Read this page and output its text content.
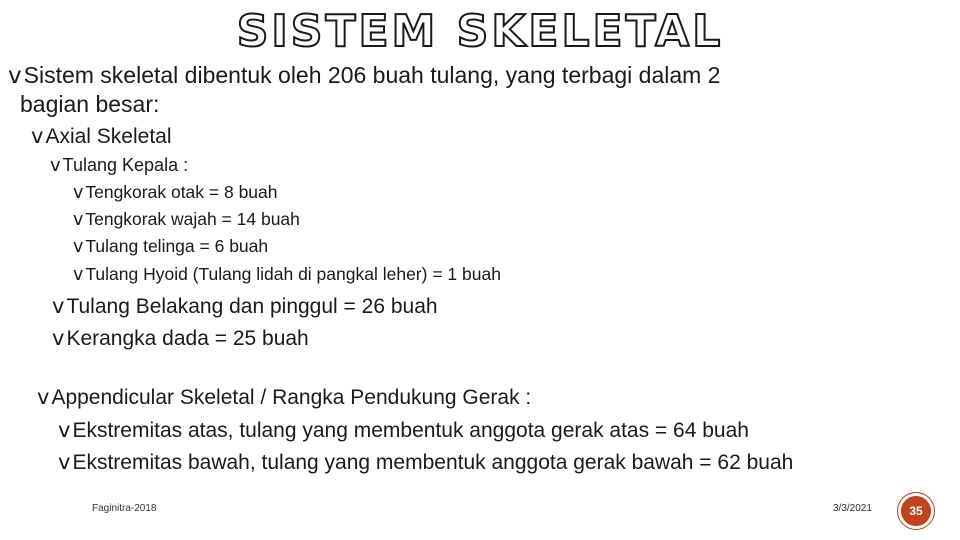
SISTEM SKELETAL
vSistem skeletal dibentuk oleh 206 buah tulang, yang terbagi dalam 2
bagian besar:
vAxial Skeletal
v Tulang Kepala :
v Tengkorak otak = 8 buah
v Tengkorak wajah = 14 buah
v Tulang telinga = 6 buah
v Tulang Hyoid (Tulang lidah di pangkal leher) = 1 buah
vTulang Belakang dan pinggul = 26 buah
vKerangka dada = 25 buah
vAppendicular Skeletal / Rangka Pendukung Gerak :
vEkstremitas atas, tulang yang membentuk anggota gerak atas = 64 buah
vEkstremitas bawah, tulang yang membentuk anggota gerak bawah = 62 buah
Faginitra-2018	3/3/2021	35
